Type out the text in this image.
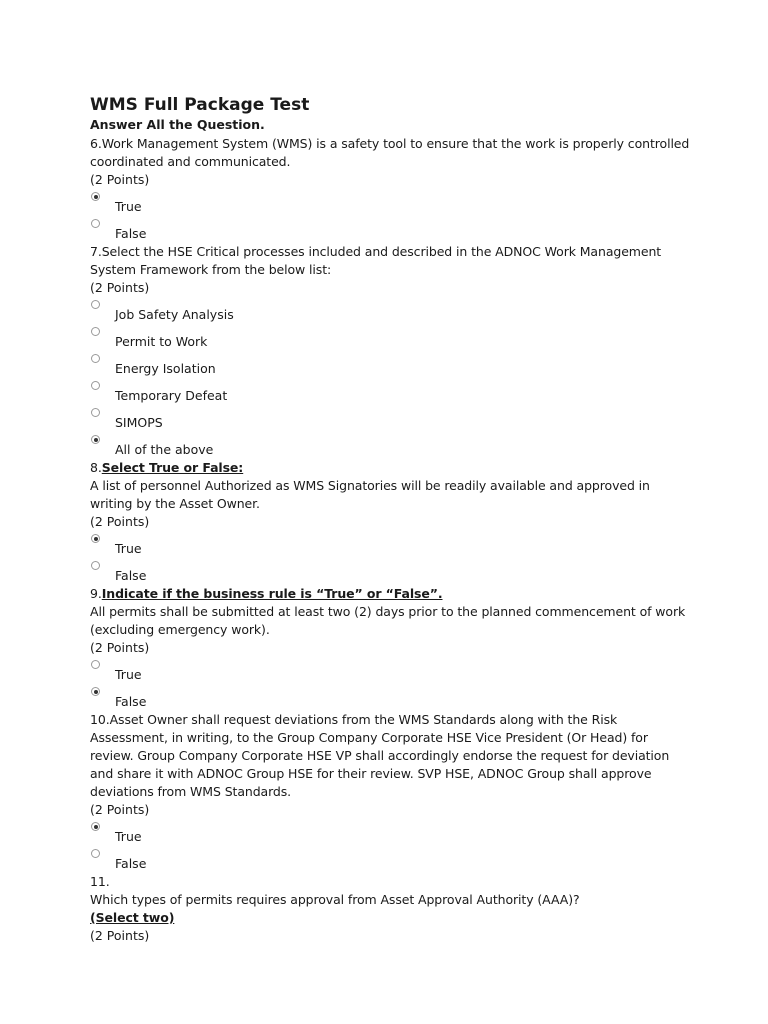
WMS Full Package Test

Answer All the Question.

6.Work Management System (WMS) is a safety tool to ensure that the work is properly controlled coordinated and communicated.

(2 Points)

True
False

7.Select the HSE Critical processes included and described in the ADNOC Work Management System Framework from the below list:

(2 Points)

Job Safety Analysis
Permit to Work
Energy Isolation
Temporary Defeat
SIMOPS
All of the above

8.Select True or False:

A list of personnel Authorized as WMS Signatories will be readily available and approved in writing by the Asset Owner.

(2 Points)

True
False

9.Indicate if the business rule is “True” or “False”.

All permits shall be submitted at least two (2) days prior to the planned commencement of work (excluding emergency work).

(2 Points)

True
False

10.Asset Owner shall request deviations from the WMS Standards along with the Risk Assessment, in writing, to the Group Company Corporate HSE Vice President (Or Head) for review. Group Company Corporate HSE VP shall accordingly endorse the request for deviation and share it with ADNOC Group HSE for their review. SVP HSE, ADNOC Group shall approve deviations from WMS Standards.

(2 Points)

True
False

11.

Which types of permits requires approval from Asset Approval Authority (AAA)?

(Select two)

(2 Points)
